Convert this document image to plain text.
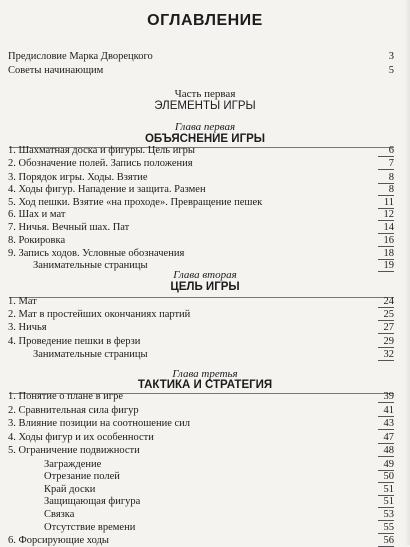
ОГЛАВЛЕНИЕ
Предисловие Марка Дворецкого	3
Советы начинающим	5
Часть первая
ЭЛЕМЕНТЫ ИГРЫ
Глава первая
ОБЪЯСНЕНИЕ ИГРЫ
1. Шахматная доска и фигуры. Цель игры	6
2. Обозначение полей. Запись положения	7
3. Порядок игры. Ходы. Взятие	8
4. Ходы фигур. Нападение и защита. Размен	8
5. Ход пешки. Взятие «на проходе». Превращение пешек	11
6. Шах и мат	12
7. Ничья. Вечный шах. Пат	14
8. Рокировка	16
9. Запись ходов. Условные обозначения	18
Занимательные страницы	19
Глава вторая
ЦЕЛЬ ИГРЫ
1. Мат	24
2. Мат в простейших окончаниях партий	25
3. Ничья	27
4. Проведение пешки в ферзи	29
Занимательные страницы	32
Глава третья
ТАКТИКА И СТРАТЕГИЯ
1. Понятие о плане в игре	39
2. Сравнительная сила фигур	41
3. Влияние позиции на соотношение сил	43
4. Ходы фигур и их особенности	47
5. Ограничение подвижности	48
Заграждение	49
Отрезание полей	50
Край доски	51
Защищающая фигура	51
Связка	53
Отсутствие времени	55
6. Форсирующие ходы	56
